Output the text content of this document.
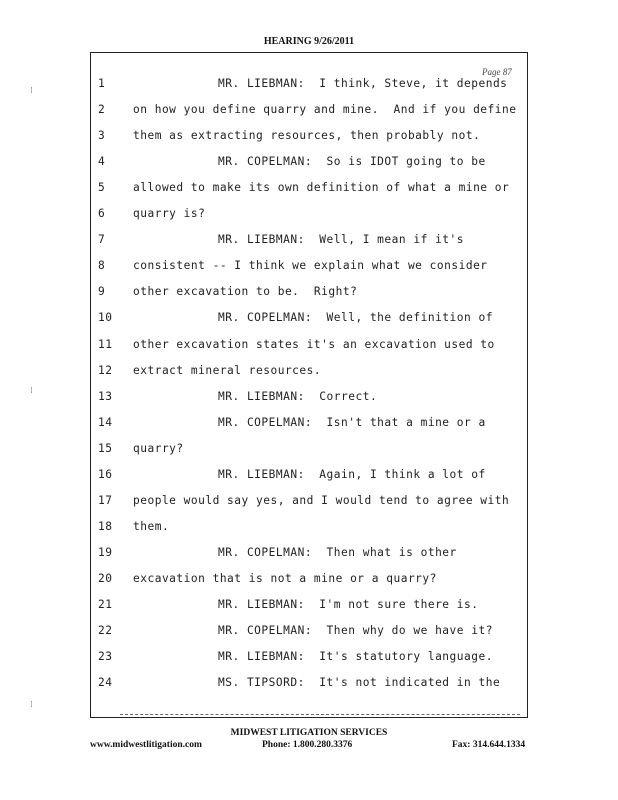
HEARING 9/26/2011
Page 87
1	MR. LIEBMAN:  I think, Steve, it depends
2	on how you define quarry and mine.  And if you define
3	them as extracting resources, then probably not.
4	MR. COPELMAN:  So is IDOT going to be
5	allowed to make its own definition of what a mine or
6	quarry is?
7	MR. LIEBMAN:  Well, I mean if it's
8	consistent -- I think we explain what we consider
9	other excavation to be.  Right?
10	MR. COPELMAN:  Well, the definition of
11	other excavation states it's an excavation used to
12	extract mineral resources.
13	MR. LIEBMAN:  Correct.
14	MR. COPELMAN:  Isn't that a mine or a
15	quarry?
16	MR. LIEBMAN:  Again, I think a lot of
17	people would say yes, and I would tend to agree with
18	them.
19	MR. COPELMAN:  Then what is other
20	excavation that is not a mine or a quarry?
21	MR. LIEBMAN:  I'm not sure there is.
22	MR. COPELMAN:  Then why do we have it?
23	MR. LIEBMAN:  It's statutory language.
24	MS. TIPSORD:  It's not indicated in the
⁞
⁞
⁞
MIDWEST LITIGATION SERVICES
www.midwestlitigation.com	Phone: 1.800.280.3376	Fax: 314.644.1334
